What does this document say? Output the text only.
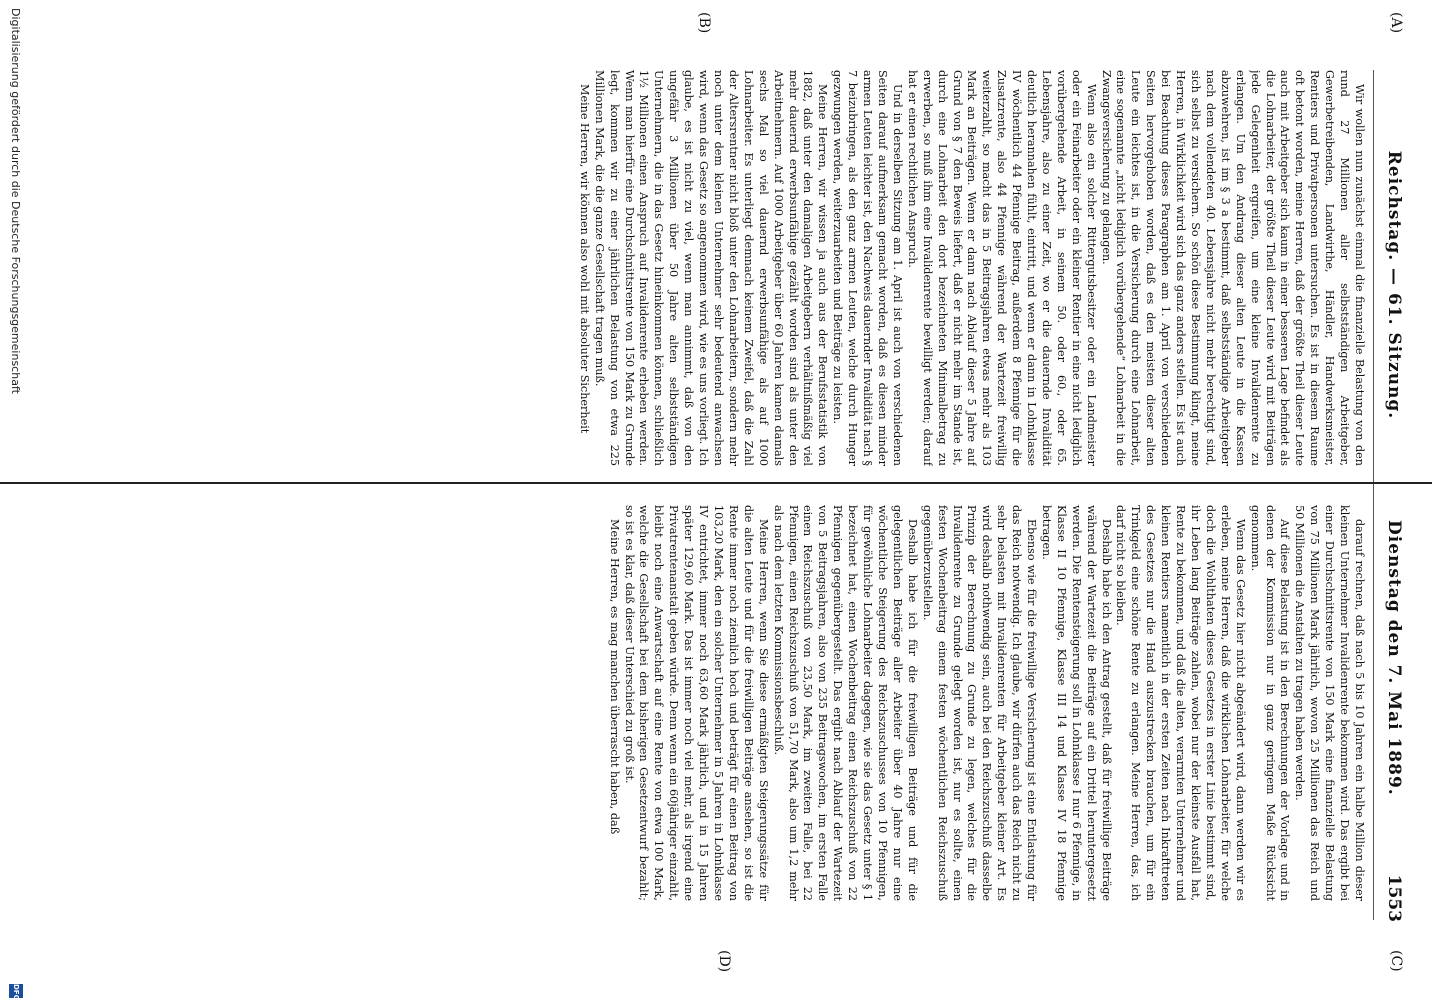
(A)
(B)
(C)
(D)
Reichstag. — 61. Sitzung.
Dienstag den 7. Mai 1889.
1553

Wir wollen nun zunächst einmal die finanzielle Belastung von den rund 27 Millionen aller selbstständigen Arbeitgeber, Gewerbetreibenden, Landwirthe, Händler, Handwerksmeister, Rentiers und Privatpersonen untersuchen. Es ist in diesem Raume oft betont worden, meine Herren, daß der größte Theil dieser Leute auch mit Arbeitgeber sich kaum in einer besseren Lage befindet als die Lohnarbeiter, der größte Theil dieser Leute wird mit Beiträgen jede Gelegenheit ergreifen, um eine kleine Invalidenrente zu erlangen. Um den Andrang dieser alten Leute in die Kassen abzuwehren, ist im § 3 a bestimmt, daß selbstständige Arbeitgeber nach dem vollendeten 40. Lebensjahre nicht mehr berechtigt sind, sich selbst zu versichern. So schön diese Bestimmung klingt, meine Herren, in Wirklichkeit wird sich das ganz anders stellen. Es ist auch bei Beachtung dieses Paragraphen am 1. April von verschiedenen Seiten hervorgehoben worden, daß es den meisten dieser alten Leute ein leichtes ist, in die Versicherung durch eine Lohnarbeit, eine sogenannte „nicht lediglich vorübergehende“ Lohnarbeit in die Zwangsversicherung zu gelangen.

Wenn also ein solcher Rittergutsbesitzer oder ein Landmeister oder ein Feinarbeiter oder ein kleiner Rentier in eine nicht lediglich vorübergehende Arbeit, in seinem 50. oder 60., oder 65. Lebensjahre, also zu einer Zeit, wo er die dauernde Invalidität deutlich herannahen fühlt, eintritt, und wenn er dann in Lohnklasse IV wöchentlich 44 Pfennige Beitrag, außerdem 8 Pfennige für die Zusatzrente, also 44 Pfennige während der Wartezeit freiwillig weiterzahlt, so macht das in 5 Beitragsjahren etwas mehr als 103 Mark an Beiträgen. Wenn er dann nach Ablauf dieser 5 Jahre auf Grund von § 7 den Beweis liefert, daß er nicht mehr im Stande ist, durch eine Lohnarbeit den dort bezeichneten Minimalbetrag zu erwerben, so muß ihm eine Invalidenrente bewilligt werden; darauf hat er einen rechtlichen Anspruch.

Und in derselben Sitzung am 1. April ist auch von verschiedenen Seiten darauf aufmerksam gemacht worden, daß es diesen minder armen Leuten leichter ist, den Nachweis dauernder Invalidität nach § 7 beizubringen, als den ganz armen Leuten, welche durch Hunger gezwungen werden, weiterzuarbeiten und Beiträge zu leisten.

Meine Herren, wir wissen ja auch aus der Berufsstatistik von 1882, daß unter den damaligen Arbeitgebern verhältnißmäßig viel mehr dauernd erwerbsunfähige gezählt worden sind als unter den Arbeitnehmern. Auf 1000 Arbeitgeber über 60 Jahren kamen damals sechs Mal so viel dauernd erwerbsunfähige als auf 1000 Lohnarbeiter. Es unterliegt demnach keinem Zweifel, daß die Zahl der Altersrentner nicht bloß unter den Lohnarbeitern, sondern mehr noch unter dem kleinen Unternehmer sehr bedeutend anwachsen wird, wenn das Gesetz so angenommen wird, wie es uns vorliegt. Ich glaube, es ist nicht zu viel, wenn man annimmt, daß von den ungefähr 3 Millionen über 50 Jahre alten selbstständigen Unternehmern, die in das Gesetz hineinkommen können, schließlich 1½ Millionen einen Anspruch auf Invalidenrente erheben werden. Wenn man hierfür eine Durchschnittsrente von 150 Mark zu Grunde legt, kommen wir zu einer jährlichen Belastung von etwa 225 Millionen Mark, die die ganze Gesellschaft tragen muß.

Meine Herren, wir können also wohl mit absoluter Sicherheit

darauf rechnen, daß nach 5 bis 10 Jahren ein halbe Million dieser kleinen Unternehmer Invalidenrente bekommen wird. Das ergibt bei einer Durchschnittsrente von 150 Mark eine finanzielle Belastung von 75 Millionen Mark jährlich, wovon 25 Millionen das Reich und 50 Millionen die Anstalten zu tragen haben werden.

Auf diese Belastung ist in den Berechnungen der Vorlage und in denen der Kommission nur in ganz geringem Maße Rücksicht genommen.

Wenn das Gesetz hier nicht abgeändert wird, dann werden wir es erleben, meine Herren, daß die wirklichen Lohnarbeiter, für welche doch die Wohlthaten dieses Gesetzes in erster Linie bestimmt sind, ihr Leben lang Beiträge zahlen, wobei nur der kleinste Ausfall hat, Rente zu bekommen, und daß die alten, verarmten Unternehmer und kleinen Rentiers namentlich in der ersten Zeiten nach Inkrafttreten des Gesetzes nur die Hand auszustrecken brauchen, um für ein Trinkgeld eine schöne Rente zu erlangen. Meine Herren, das, ich darf nicht so bleiben.

Deshalb habe ich den Antrag gestellt, daß für freiwillige Beiträge während der Wartezeit die Beiträge auf ein Drittel heruntergesetzt werden. Die Rentensteigerung soll in Lohnklasse I nur 6 Pfennige, in Klasse II 10 Pfennige, Klasse III 14 und Klasse IV 18 Pfennige betragen.

Ebenso wie für die freiwillige Versicherung ist eine Entlastung für das Reich notwendig. Ich glaube, wir dürfen auch das Reich nicht zu sehr belasten mit Invalidenrenten für Arbeitgeber kleiner Art. Es wird deshalb nothwendig sein, auch bei den Reichszuschuß dasselbe Prinzip der Berechnung zu Grunde zu legen, welches für die Invalidenrente zu Grunde gelegt worden ist, nur es sollte, einen festen Wochenbeitrag einem festen wöchentlichen Reichszuschuß gegenüberzustellen.

Deshalb habe ich für die freiwilligen Beiträge und für die gelegentlichen Beiträge aller Arbeiter über 40 Jahre nur eine wöchentliche Steigerung des Reichszuschusses von 10 Pfennigen, für gewöhnliche Lohnarbeiter dagegen, wie sie das Gesetz unter § 1 bezeichnet hat, einen Wochenbeitrag einen Reichszuschuß von 22 Pfennigen gegenübergestellt. Das ergibt nach Ablauf der Wartezeit von 5 Beitragsjahren, also von 235 Beitragswochen, im ersten Falle einen Reichszuschuß von 23,50 Mark, im zweiten Falle, bei 22 Pfennigen, einen Reichszuschuß von 51,70 Mark, also um 1,2 mehr als nach dem letzten Kommissionsbeschluß.

Meine Herren, wenn Sie diese ermäßigten Steigerungssätze für die alten Leute und für die freiwilligen Beiträge ansehen, so ist die Rente immer noch ziemlich hoch und beträgt für einen Beitrag von 103,20 Mark, den ein solcher Unternehmer in 5 Jahren in Lohnklasse IV entrichtet, immer noch 63,60 Mark jährlich, und in 15 Jahren später 129,60 Mark. Das ist immer noch viel mehr, als irgend eine Privatrentenanstalt geben würde. Denn wenn ein 60jähriger einzahlt, bleibt noch eine Anwartschaft auf eine Rente von etwa 100 Mark, welche die Gesellschaft bei dem bisherigen Gesetzentwurf bezahlt; so ist es klar, daß dieser Unterschied zu groß ist.

Meine Herren, es mag manchen überrascht haben, daß

Digitalisierung gefördert durch die Deutsche Forschungsgemeinschaft
DFG
